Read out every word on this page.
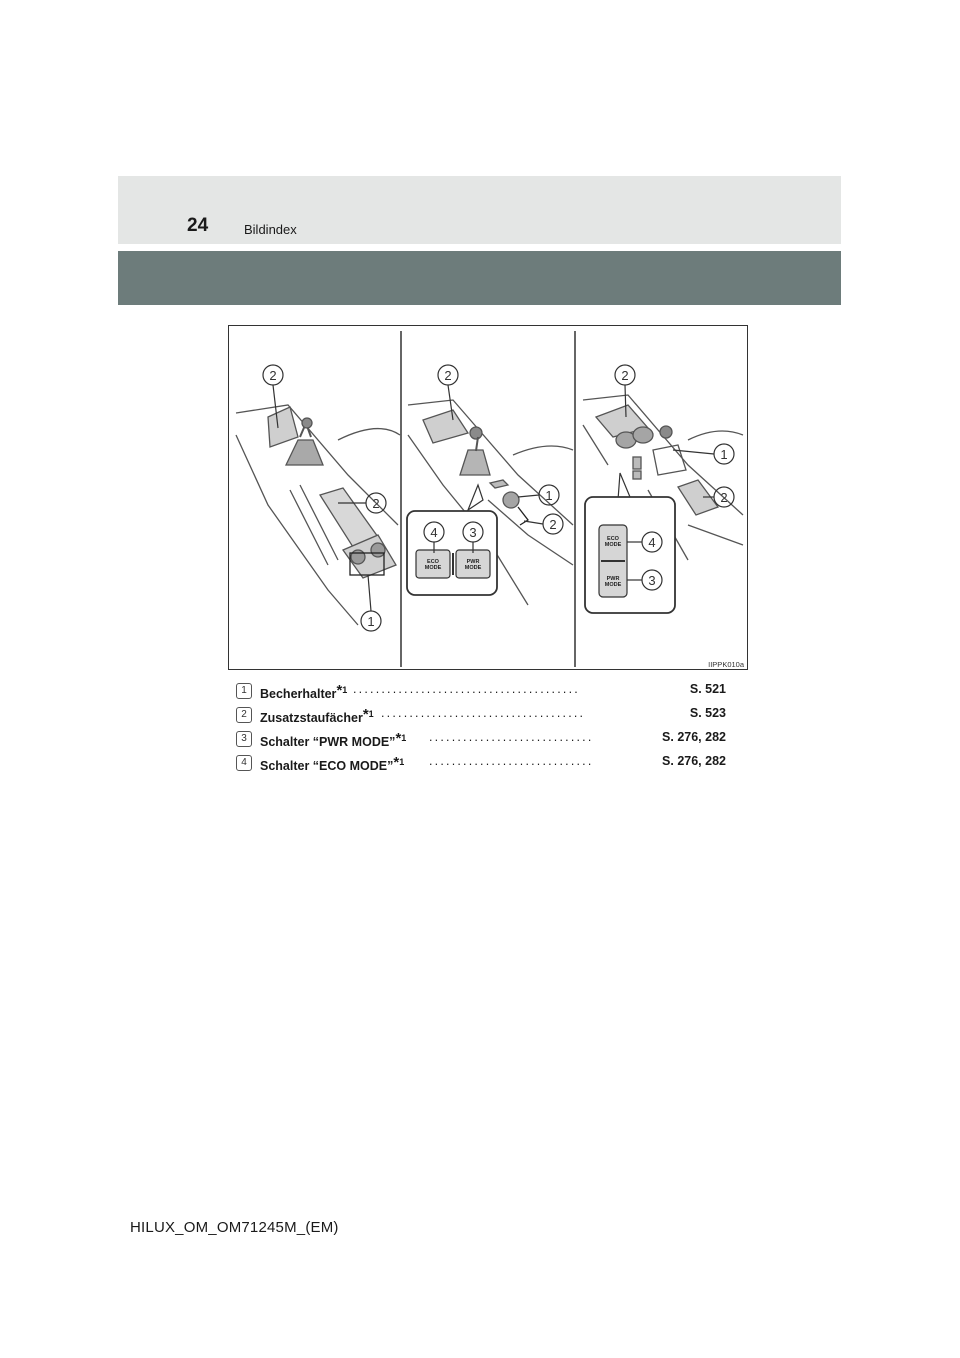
24	Bildindex
2
2
1
2
1
2
4 3
ECO
MODE
PWR
MODE
2
1
2
4
3
ECO
MODE
PWR
MODE
IIPPK010a
1	Becherhalter$^{*1}$ ........................................	S. 521
2	Zusatzstaufächer$^{*1}$ ....................................	S. 523
3	Schalter “PWR MODE”$^{*1}$ .............................	S. 276, 282
4	Schalter “ECO MODE”$^{*1}$ .............................	S. 276, 282
HILUX_OM_OM71245M_(EM)
